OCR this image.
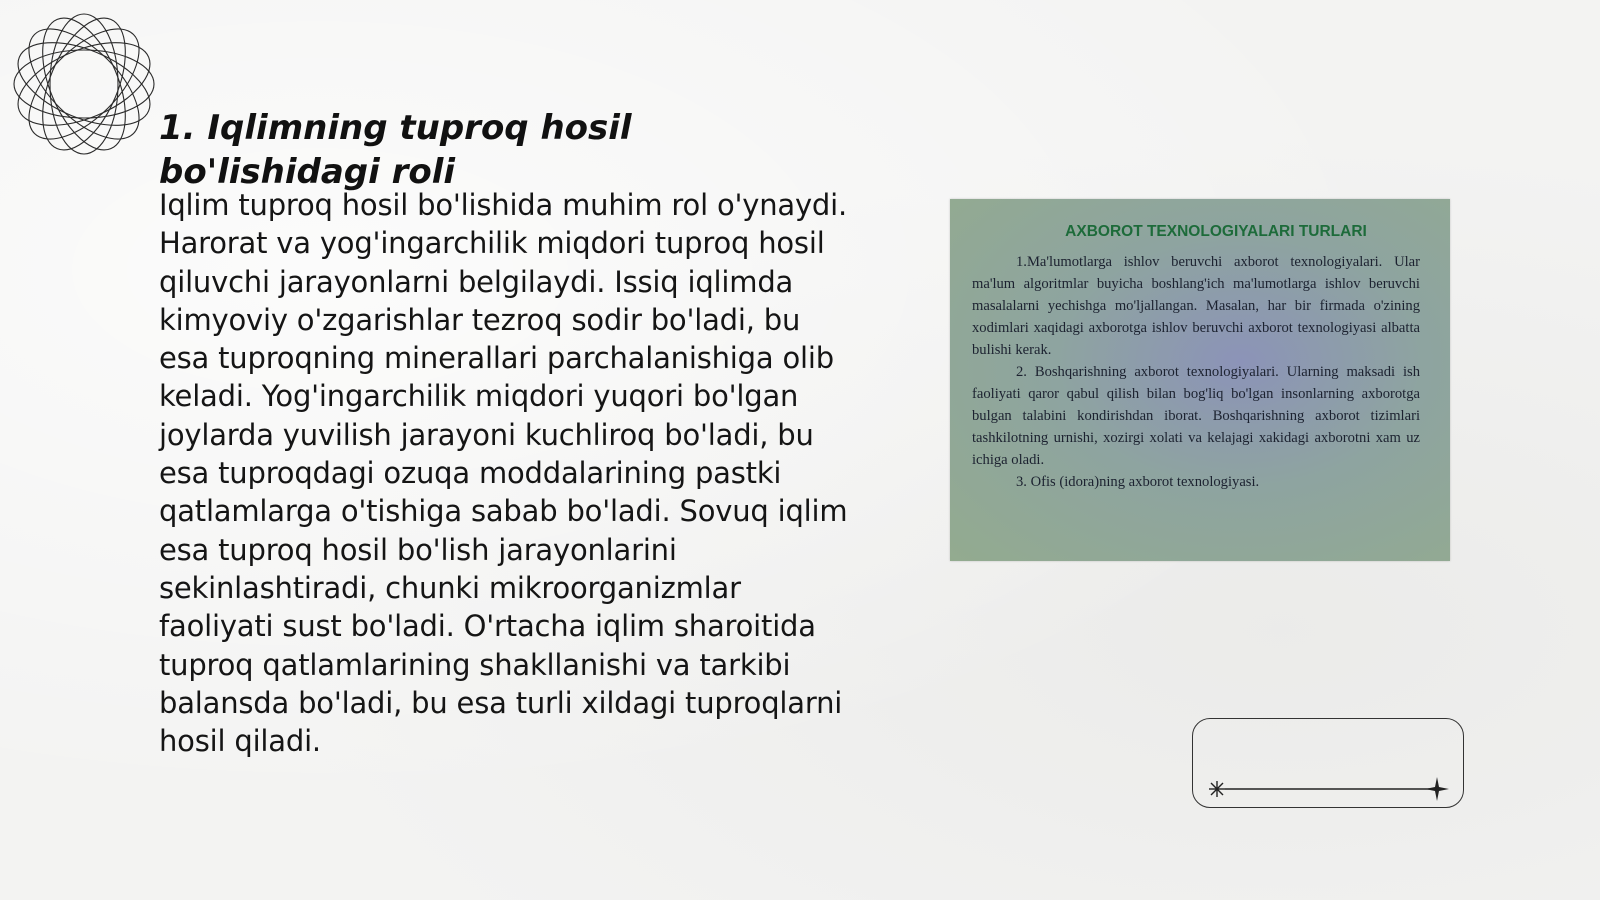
1. Iqlimning tuproq hosil bo'lishidagi roli

Iqlim tuproq hosil bo'lishida muhim rol o'ynaydi. Harorat va yog'ingarchilik miqdori tuproq hosil qiluvchi jarayonlarni belgilaydi. Issiq iqlimda kimyoviy o'zgarishlar tezroq sodir bo'ladi, bu esa tuproqning minerallari parchalanishiga olib keladi. Yog'ingarchilik miqdori yuqori bo'lgan joylarda yuvilish jarayoni kuchliroq bo'ladi, bu esa tuproqdagi ozuqa moddalarining pastki qatlamlarga o'tishiga sabab bo'ladi. Sovuq iqlim esa tuproq hosil bo'lish jarayonlarini sekinlashtiradi, chunki mikroorganizmlar faoliyati sust bo'ladi. O'rtacha iqlim sharoitida tuproq qatlamlarining shakllanishi va tarkibi balansda bo'ladi, bu esa turli xildagi tuproqlarni hosil qiladi.

AXBOROT TEXNOLOGIYALARI TURLARI

1.Ma'lumotlarga ishlov beruvchi axborot texnologiyalari. Ular ma'lum algoritmlar buyicha boshlang'ich ma'lumotlarga ishlov beruvchi masalalarni yechishga mo'ljallangan. Masalan, har bir firmada o'zining xodimlari xaqidagi axborotga ishlov beruvchi axborot texnologiyasi albatta bulishi kerak.

2. Boshqarishning axborot texnologiyalari. Ularning maksadi ish faoliyati qaror qabul qilish bilan bog'liq bo'lgan insonlarning axborotga bulgan talabini kondirishdan iborat. Boshqarishning axborot tizimlari tashkilotning urnishi, xozirgi xolati va kelajagi xakidagi axborotni xam uz ichiga oladi.

3. Ofis (idora)ning axborot texnologiyasi.
